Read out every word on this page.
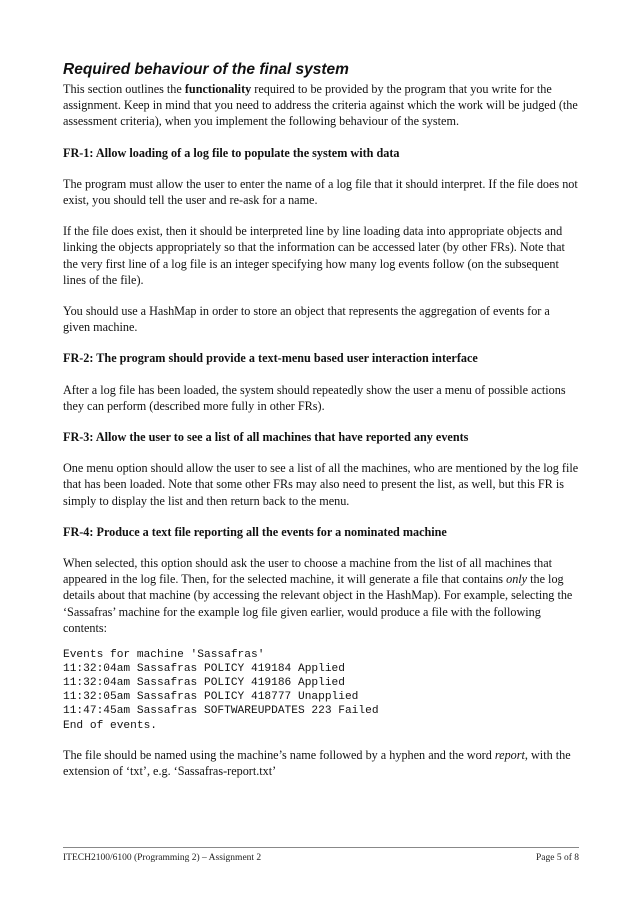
Required behaviour of the final system

This section outlines the functionality required to be provided by the program that you write for the assignment. Keep in mind that you need to address the criteria against which the work will be judged (the assessment criteria), when you implement the following behaviour of the system.

FR-1: Allow loading of a log file to populate the system with data

The program must allow the user to enter the name of a log file that it should interpret. If the file does not exist, you should tell the user and re-ask for a name.

If the file does exist, then it should be interpreted line by line loading data into appropriate objects and linking the objects appropriately so that the information can be accessed later (by other FRs). Note that the very first line of a log file is an integer specifying how many log events follow (on the subsequent lines of the file).

You should use a HashMap in order to store an object that represents the aggregation of events for a given machine.

FR-2: The program should provide a text-menu based user interaction interface

After a log file has been loaded, the system should repeatedly show the user a menu of possible actions they can perform (described more fully in other FRs).

FR-3: Allow the user to see a list of all machines that have reported any events

One menu option should allow the user to see a list of all the machines, who are mentioned by the log file that has been loaded. Note that some other FRs may also need to present the list, as well, but this FR is simply to display the list and then return back to the menu.

FR-4: Produce a text file reporting all the events for a nominated machine

When selected, this option should ask the user to choose a machine from the list of all machines that appeared in the log file. Then, for the selected machine, it will generate a file that contains only the log details about that machine (by accessing the relevant object in the HashMap). For example, selecting the ‘Sassafras’ machine for the example log file given earlier, would produce a file with the following contents:

Events for machine 'Sassafras'
11:32:04am Sassafras POLICY 419184 Applied
11:32:04am Sassafras POLICY 419186 Applied
11:32:05am Sassafras POLICY 418777 Unapplied
11:47:45am Sassafras SOFTWAREUPDATES 223 Failed
End of events.

The file should be named using the machine’s name followed by a hyphen and the word report, with the extension of ‘txt’, e.g. ‘Sassafras-report.txt’

ITECH2100/6100 (Programming 2) – Assignment 2	Page 5 of 8
